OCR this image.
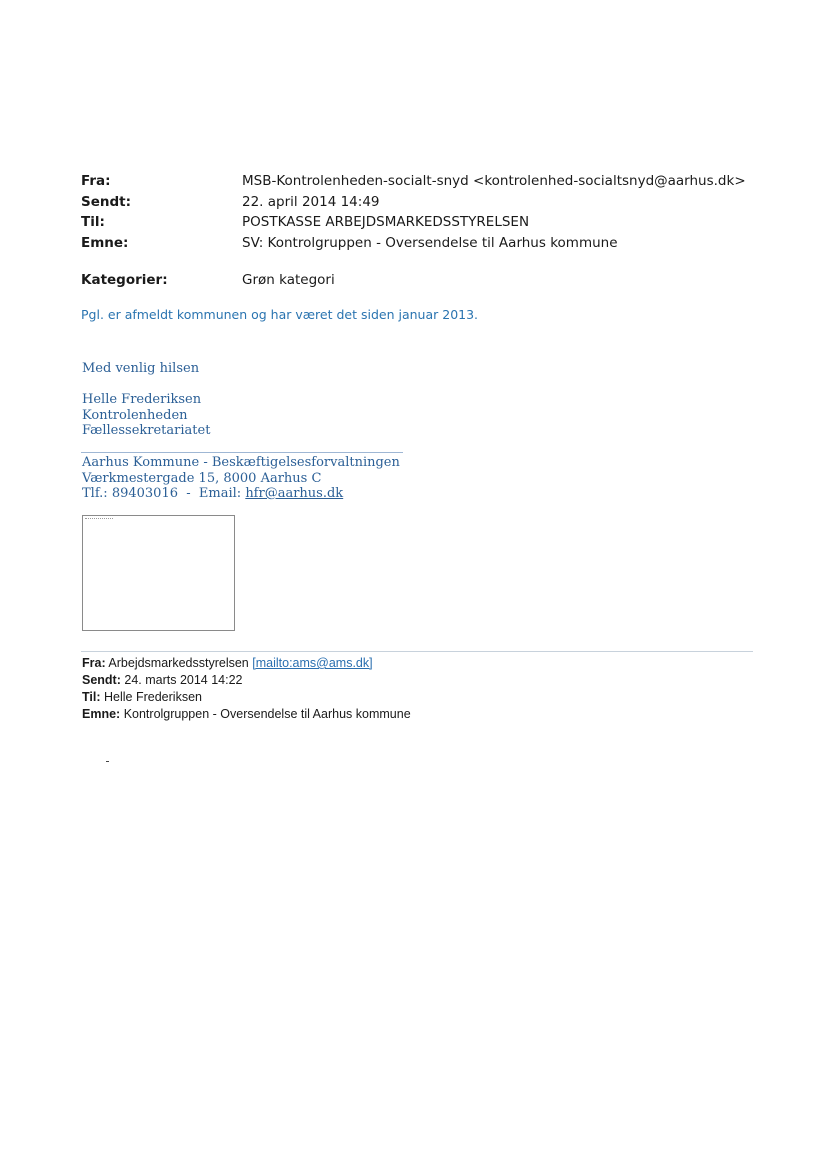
Fra:	MSB-Kontrolenheden-socialt-snyd <kontrolenhed-socialtsnyd@aarhus.dk>
Sendt:	22. april 2014 14:49
Til:	POSTKASSE ARBEJDSMARKEDSSTYRELSEN
Emne:	SV: Kontrolgruppen - Oversendelse til Aarhus kommune
Kategorier:	Grøn kategori
Pgl. er afmeldt kommunen og har været det siden januar 2013.
Med venlig hilsen
Helle Frederiksen
Kontrolenheden
Fællessekretariatet
Aarhus Kommune - Beskæftigelsesforvaltningen
Værkmestergade 15, 8000 Aarhus C
Tlf.: 89403016  -  Email: hfr@aarhus.dk
Fra: Arbejdsmarkedsstyrelsen [mailto:ams@ams.dk]
Sendt: 24. marts 2014 14:22
Til: Helle Frederiksen
Emne: Kontrolgruppen - Oversendelse til Aarhus kommune
